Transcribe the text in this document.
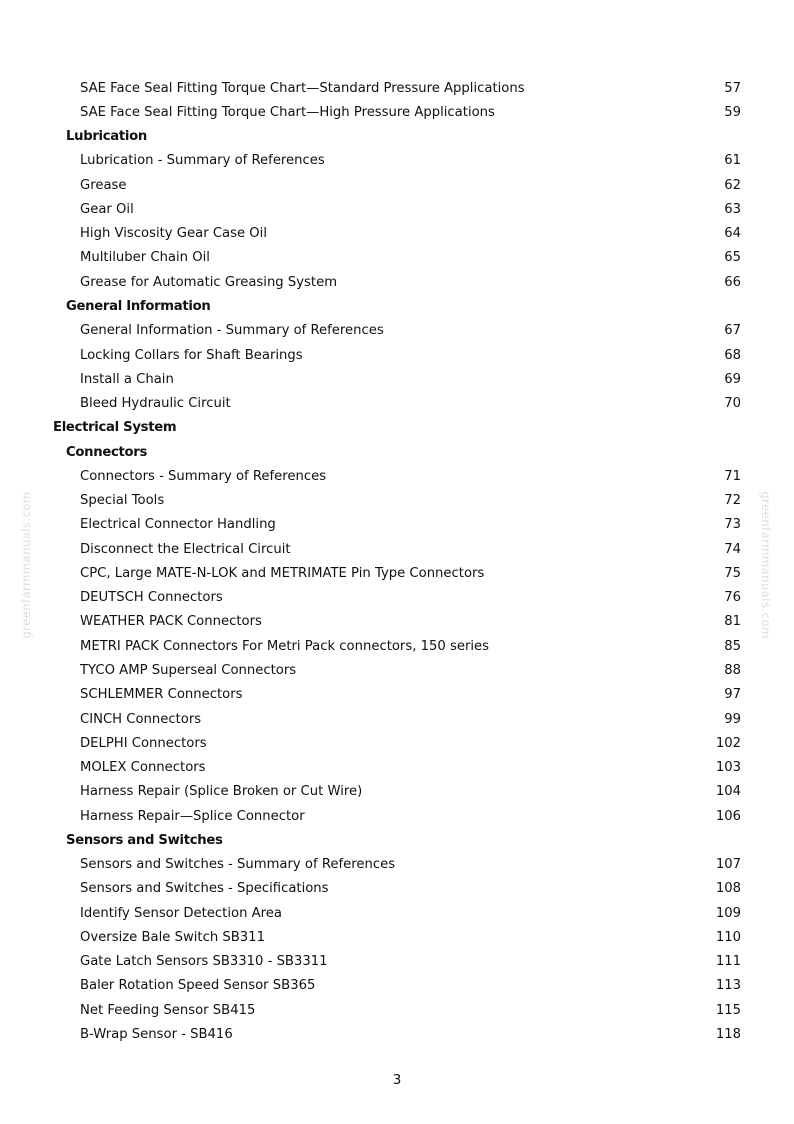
SAE Face Seal Fitting Torque Chart—Standard Pressure Applications	57
SAE Face Seal Fitting Torque Chart—High Pressure Applications	59
Lubrication
Lubrication - Summary of References	61
Grease	62
Gear Oil	63
High Viscosity Gear Case Oil	64
Multiluber Chain Oil	65
Grease for Automatic Greasing System	66
General Information
General Information - Summary of References	67
Locking Collars for Shaft Bearings	68
Install a Chain	69
Bleed Hydraulic Circuit	70
Electrical System
Connectors
Connectors - Summary of References	71
Special Tools	72
Electrical Connector Handling	73
Disconnect the Electrical Circuit	74
CPC, Large MATE-N-LOK and METRIMATE Pin Type Connectors	75
DEUTSCH Connectors	76
WEATHER PACK Connectors	81
METRI PACK Connectors For Metri Pack connectors, 150 series	85
TYCO AMP Superseal Connectors	88
SCHLEMMER Connectors	97
CINCH Connectors	99
DELPHI Connectors	102
MOLEX Connectors	103
Harness Repair (Splice Broken or Cut Wire)	104
Harness Repair—Splice Connector	106
Sensors and Switches
Sensors and Switches - Summary of References	107
Sensors and Switches - Specifications	108
Identify Sensor Detection Area	109
Oversize Bale Switch SB311	110
Gate Latch Sensors SB3310 - SB3311	111
Baler Rotation Speed Sensor SB365	113
Net Feeding Sensor SB415	115
B-Wrap Sensor - SB416	118
3
greenfarmmanuals.com	greenfarmmanuals.com
